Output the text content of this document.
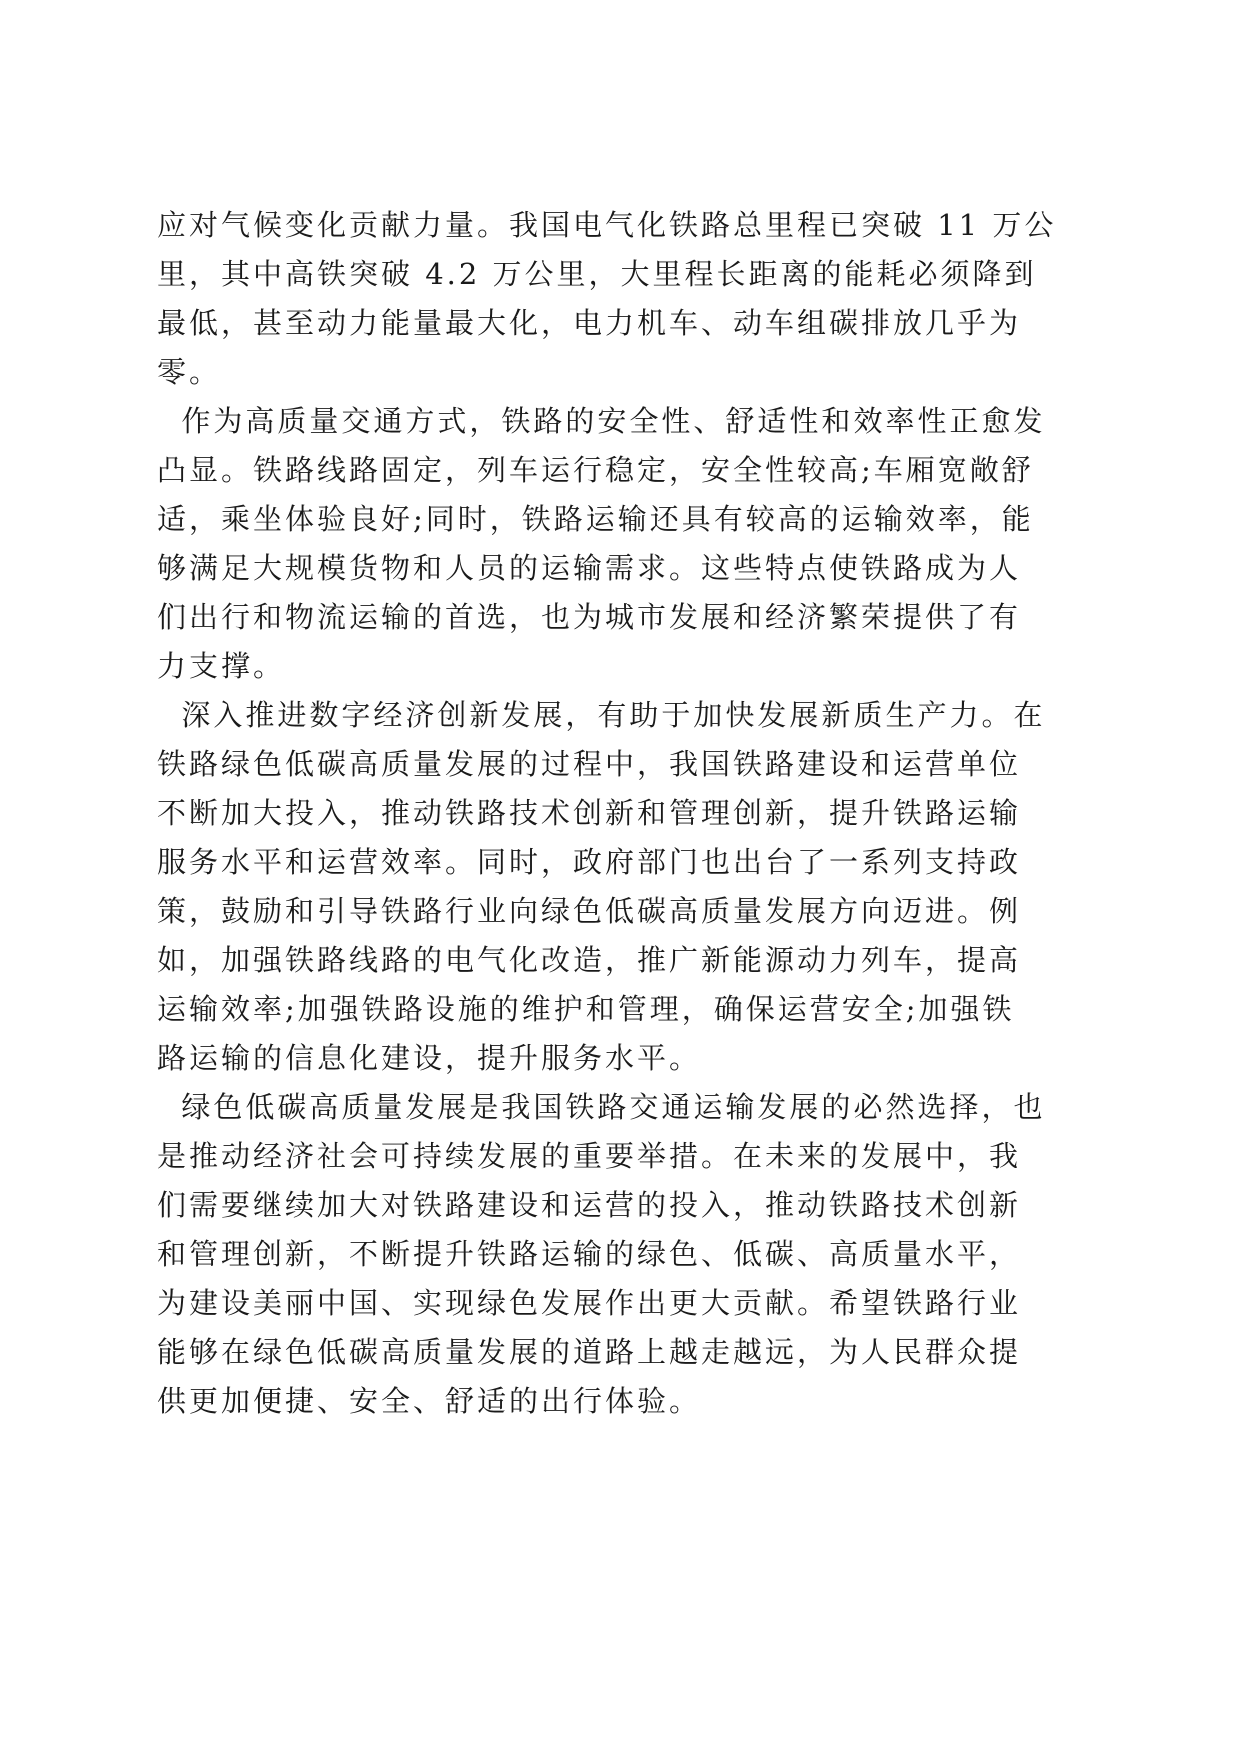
应对气候变化贡献力量。我国电气化铁路总里程已突破 11 万公
里，其中高铁突破 4.2 万公里，大里程长距离的能耗必须降到
最低，甚至动力能量最大化，电力机车、动车组碳排放几乎为
零。
作为高质量交通方式，铁路的安全性、舒适性和效率性正愈发
凸显。铁路线路固定，列车运行稳定，安全性较高;车厢宽敞舒
适，乘坐体验良好;同时，铁路运输还具有较高的运输效率，能
够满足大规模货物和人员的运输需求。这些特点使铁路成为人
们出行和物流运输的首选，也为城市发展和经济繁荣提供了有
力支撑。
深入推进数字经济创新发展，有助于加快发展新质生产力。在
铁路绿色低碳高质量发展的过程中，我国铁路建设和运营单位
不断加大投入，推动铁路技术创新和管理创新，提升铁路运输
服务水平和运营效率。同时，政府部门也出台了一系列支持政
策，鼓励和引导铁路行业向绿色低碳高质量发展方向迈进。例
如，加强铁路线路的电气化改造，推广新能源动力列车，提高
运输效率;加强铁路设施的维护和管理，确保运营安全;加强铁
路运输的信息化建设，提升服务水平。
绿色低碳高质量发展是我国铁路交通运输发展的必然选择，也
是推动经济社会可持续发展的重要举措。在未来的发展中，我
们需要继续加大对铁路建设和运营的投入，推动铁路技术创新
和管理创新，不断提升铁路运输的绿色、低碳、高质量水平，
为建设美丽中国、实现绿色发展作出更大贡献。希望铁路行业
能够在绿色低碳高质量发展的道路上越走越远，为人民群众提
供更加便捷、安全、舒适的出行体验。
